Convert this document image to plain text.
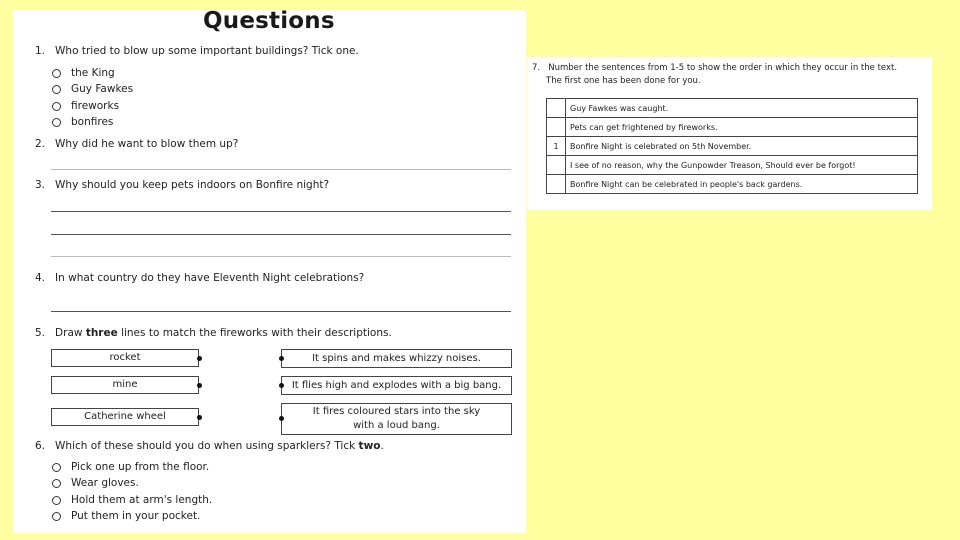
Questions
1. Who tried to blow up some important buildings? Tick one.
the King
Guy Fawkes
fireworks
bonfires
2. Why did he want to blow them up?
3. Why should you keep pets indoors on Bonfire night?
4. In what country do they have Eleventh Night celebrations?
5. Draw three lines to match the fireworks with their descriptions.
rocket
mine
Catherine wheel
It spins and makes whizzy noises.
It flies high and explodes with a big bang.
It fires coloured stars into the sky
with a loud bang.
6. Which of these should you do when using sparklers? Tick two.
Pick one up from the floor.
Wear gloves.
Hold them at arm's length.
Put them in your pocket.
7. Number the sentences from 1-5 to show the order in which they occur in the text.
The first one has been done for you.
	Guy Fawkes was caught.
	Pets can get frightened by fireworks.
1	Bonfire Night is celebrated on 5th November.
	I see of no reason, why the Gunpowder Treason, Should ever be forgot!
	Bonfire Night can be celebrated in people's back gardens.
